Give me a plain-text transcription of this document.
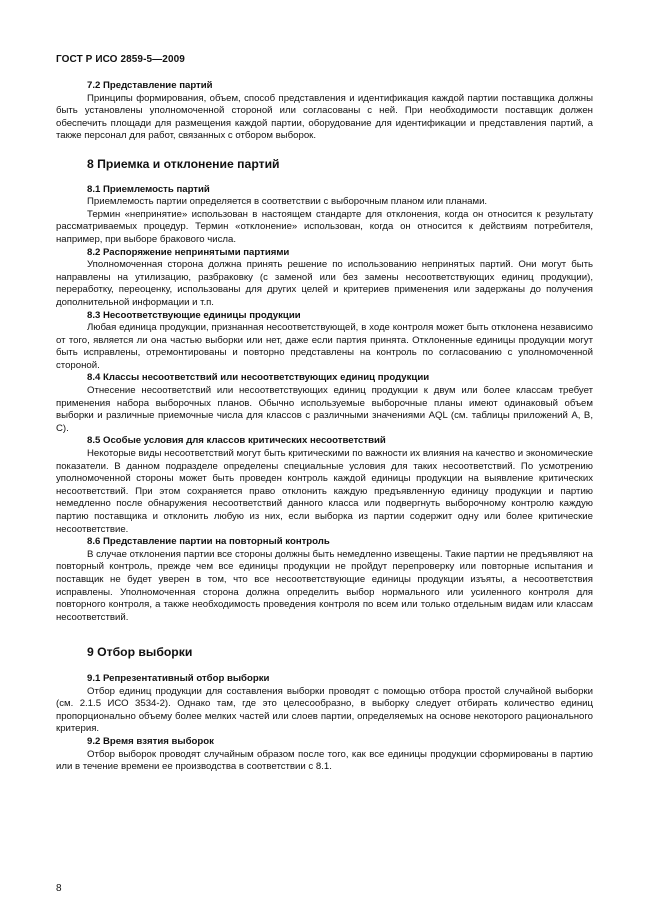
ГОСТ Р ИСО 2859-5—2009
7.2 Представление партий

Принципы формирования, объем, способ представления и идентификация каждой партии поставщика должны быть установлены уполномоченной стороной или согласованы с ней. При необходимости поставщик должен обеспечить площади для размещения каждой партии, оборудование для идентификации и представления партий, а также персонал для работ, связанных с отбором выборок.

8 Приемка и отклонение партий
8.1 Приемлемость партий

Приемлемость партии определяется в соответствии с выборочным планом или планами.

Термин «непринятие» использован в настоящем стандарте для отклонения, когда он относится к результату рассматриваемых процедур. Термин «отклонение» использован, когда он относится к действиям потребителя, например, при выборе бракового числа.

8.2 Распоряжение непринятыми партиями

Уполномоченная сторона должна принять решение по использованию непринятых партий. Они могут быть направлены на утилизацию, разбраковку (с заменой или без замены несоответствующих единиц продукции), переработку, переоценку, использованы для других целей и критериев применения или задержаны до получения дополнительной информации и т.п.

8.3 Несоответствующие единицы продукции

Любая единица продукции, признанная несоответствующей, в ходе контроля может быть отклонена независимо от того, является ли она частью выборки или нет, даже если партия принята. Отклоненные единицы продукции могут быть исправлены, отремонтированы и повторно представлены на контроль по согласованию с уполномоченной стороной.

8.4 Классы несоответствий или несоответствующих единиц продукции

Отнесение несоответствий или несоответствующих единиц продукции к двум или более классам требует применения набора выборочных планов. Обычно используемые выборочные планы имеют одинаковый объем выборки и различные приемочные числа для классов с различными значениями AQL (см. таблицы приложений А, В, С).

8.5 Особые условия для классов критических несоответствий

Некоторые виды несоответствий могут быть критическими по важности их влияния на качество и экономические показатели. В данном подразделе определены специальные условия для таких несоответствий. По усмотрению уполномоченной стороны может быть проведен контроль каждой единицы продукции на выявление критических несоответствий. При этом сохраняется право отклонить каждую предъявленную единицу продукции и партию немедленно после обнаружения несоответствий данного класса или подвергнуть выборочному контролю каждую партию поставщика и отклонить любую из них, если выборка из партии содержит одну или более критические несоответствие.

8.6 Представление партии на повторный контроль

В случае отклонения партии все стороны должны быть немедленно извещены. Такие партии не предъявляют на повторный контроль, прежде чем все единицы продукции не пройдут перепроверку или повторные испытания и поставщик не будет уверен в том, что все несоответствующие единицы продукции изъяты, а несоответствия исправлены. Уполномоченная сторона должна определить выбор нормального или усиленного контроля для повторного контроля, а также необходимость проведения контроля по всем или только отдельным видам или классам несоответствий.

9 Отбор выборки
9.1 Репрезентативный отбор выборки

Отбор единиц продукции для составления выборки проводят с помощью отбора простой случайной выборки (см. 2.1.5 ИСО 3534-2). Однако там, где это целесообразно, в выборку следует отбирать количество единиц пропорционально объему более мелких частей или слоев партии, определяемых на основе некоторого рационального критерия.

9.2 Время взятия выборок

Отбор выборок проводят случайным образом после того, как все единицы продукции сформированы в партию или в течение времени ее производства в соответствии с 8.1.

8
